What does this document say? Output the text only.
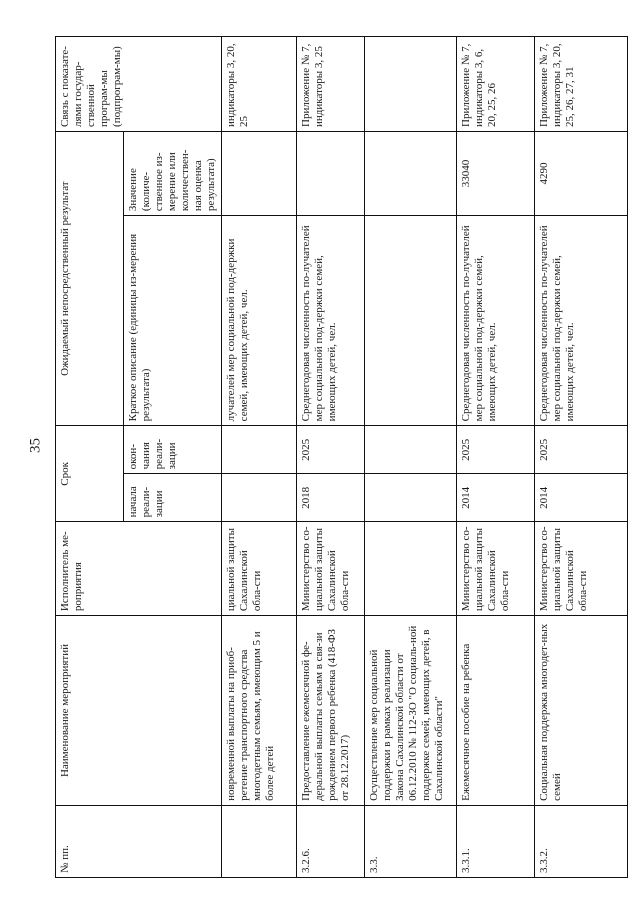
35
№ пп.	Наименование мероприятий	Исполнитель ме-роприятия	Срок		Ожидаемый непосредственный результат		Связь с показате-лями государ-ственной програм-мы (подпрограм-мы)
			начала реали-зации	окон-чания реали-зации	Краткое описание (единицы из-мерения результата)	Значение (количе-ственное из-мерение или количествен-ная оценка результата)	
	новременной выплаты на приоб-ретение транспортного средства многодетным семьям, имеющим 5 и более детей	циальной защиты Сахалинской обла-сти			лучателей мер социальной под-держки семей, имеющих детей, чел.		индикаторы 3, 20, 25
3.2.6.	Предоставление ежемесячной фе-деральной выплаты семьям в свя-зи рождением первого ребенка (418-ФЗ от 28.12.2017)	Министерство со-циальной защиты Сахалинской обла-сти	2018	2025	Среднегодовая численность по-лучателей мер социальной под-держки семей, имеющих детей, чел.		Приложение № 7, индикаторы 3, 25
3.3.	Осуществление мер социальной поддержки в рамках реализации Закона Сахалинской области от 06.12.2010 № 112-ЗО "О социаль-ной поддержке семей, имеющих детей, в Сахалинской области"						
3.3.1.	Ежемесячное пособие на ребенка	Министерство со-циальной защиты Сахалинской обла-сти	2014	2025	Среднегодовая численность по-лучателей мер социальной под-держки семей, имеющих детей, чел.	33040	Приложение № 7, индикаторы 3, 6, 20, 25, 26
3.3.2.	Социальная поддержка многодет-ных семей	Министерство со-циальной защиты Сахалинской обла-сти	2014	2025	Среднегодовая численность по-лучателей мер социальной под-держки семей, имеющих детей, чел.	4290	Приложение № 7, индикаторы 3, 20, 25, 26, 27, 31
